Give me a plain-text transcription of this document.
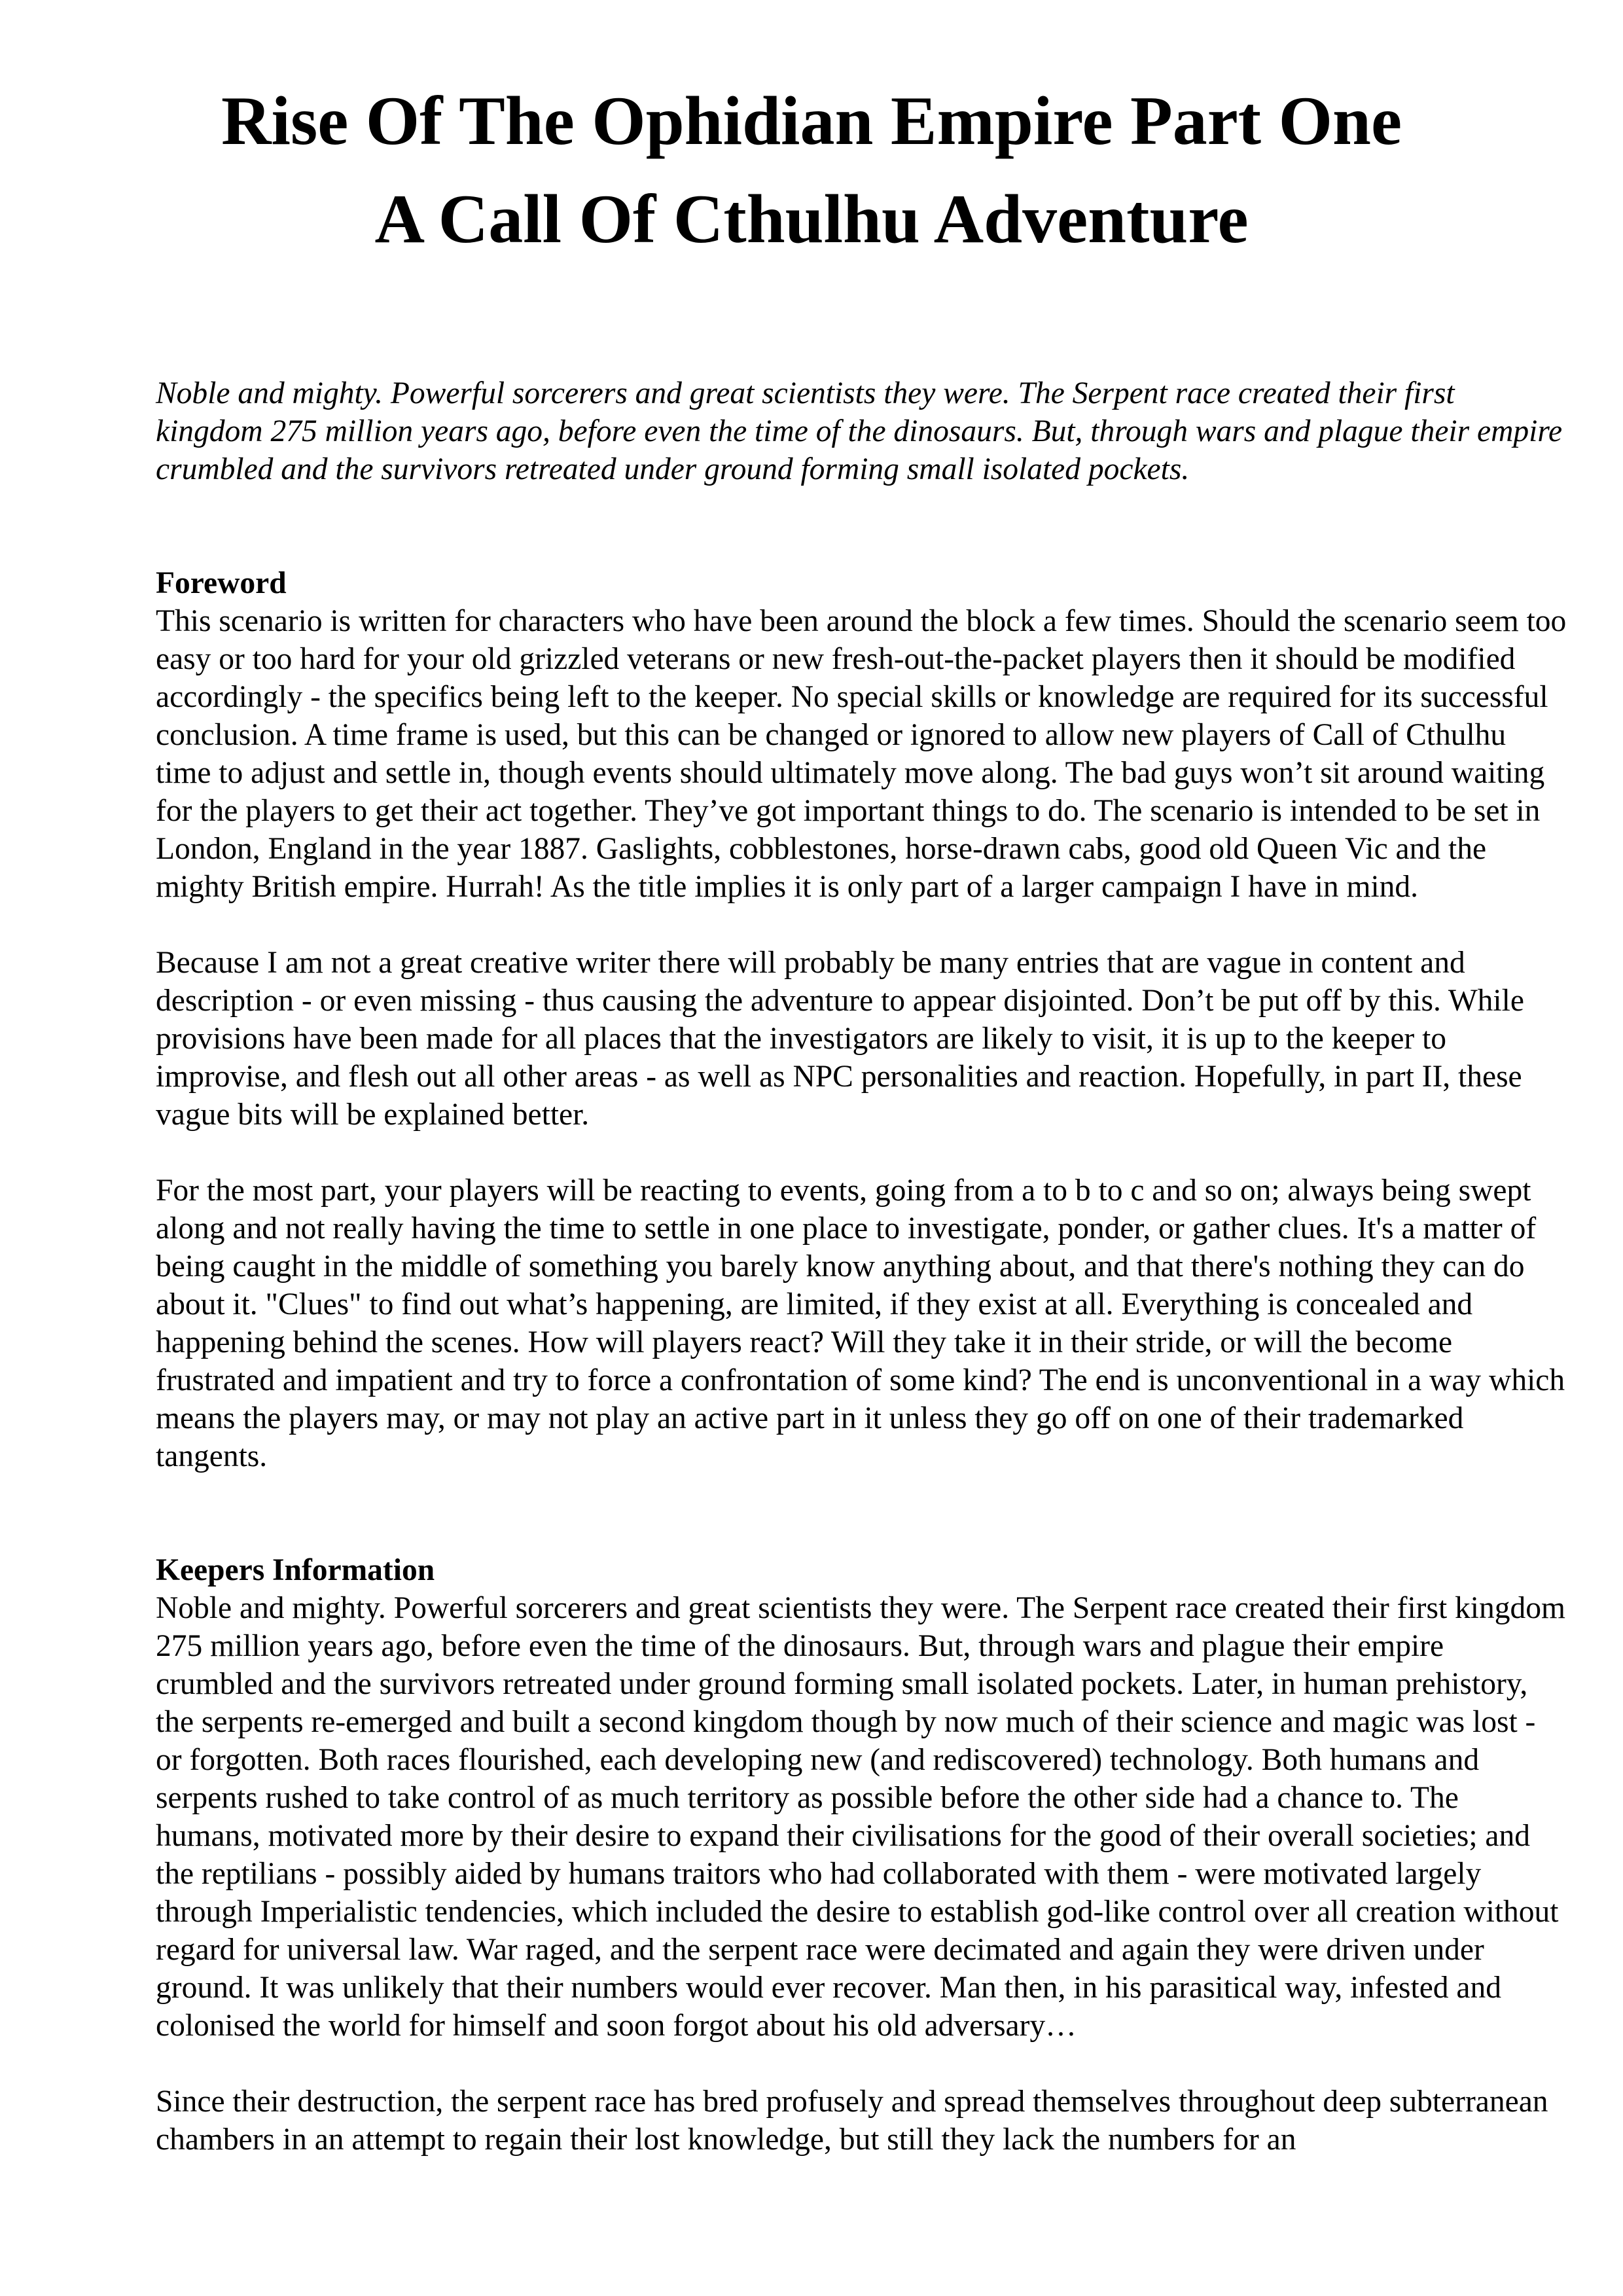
Rise Of The Ophidian Empire Part One
A Call Of Cthulhu Adventure

Noble and mighty. Powerful sorcerers and great scientists they were. The Serpent race created their first kingdom 275 million years ago, before even the time of the dinosaurs. But, through wars and plague their empire crumbled and the survivors retreated under ground forming small isolated pockets.

Foreword

This scenario is written for characters who have been around the block a few times. Should the scenario seem too easy or too hard for your old grizzled veterans or new fresh-out-the-packet players then it should be modified accordingly - the specifics being left to the keeper. No special skills or knowledge are required for its successful conclusion. A time frame is used, but this can be changed or ignored to allow new players of Call of Cthulhu time to adjust and settle in, though events should ultimately move along. The bad guys won’t sit around waiting for the players to get their act together. They’ve got important things to do. The scenario is intended to be set in London, England in the year 1887. Gaslights, cobblestones, horse-drawn cabs, good old Queen Vic and the mighty British empire. Hurrah! As the title implies it is only part of a larger campaign I have in mind.

Because I am not a great creative writer there will probably be many entries that are vague in content and description - or even missing - thus causing the adventure to appear disjointed. Don’t be put off by this. While provisions have been made for all places that the investigators are likely to visit, it is up to the keeper to improvise, and flesh out all other areas - as well as NPC personalities and reaction. Hopefully, in part II, these vague bits will be explained better.

For the most part, your players will be reacting to events, going from a to b to c and so on; always being swept along and not really having the time to settle in one place to investigate, ponder, or gather clues. It's a matter of being caught in the middle of something you barely know anything about, and that there's nothing they can do about it. "Clues" to find out what’s happening, are limited, if they exist at all. Everything is concealed and happening behind the scenes. How will players react? Will they take it in their stride, or will the become frustrated and impatient and try to force a confrontation of some kind? The end is unconventional in a way which means the players may, or may not play an active part in it unless they go off on one of their trademarked tangents.

Keepers Information

Noble and mighty. Powerful sorcerers and great scientists they were. The Serpent race created their first kingdom 275 million years ago, before even the time of the dinosaurs. But, through wars and plague their empire crumbled and the survivors retreated under ground forming small isolated pockets. Later, in human prehistory, the serpents re-emerged and built a second kingdom though by now much of their science and magic was lost - or forgotten. Both races flourished, each developing new (and rediscovered) technology. Both humans and serpents rushed to take control of as much territory as possible before the other side had a chance to. The humans, motivated more by their desire to expand their civilisations for the good of their overall societies; and the reptilians - possibly aided by humans traitors who had collaborated with them - were motivated largely through Imperialistic tendencies, which included the desire to establish god-like control over all creation without regard for universal law. War raged, and the serpent race were decimated and again they were driven under ground. It was unlikely that their numbers would ever recover. Man then, in his parasitical way, infested and colonised the world for himself and soon forgot about his old adversary…

Since their destruction, the serpent race has bred profusely and spread themselves throughout deep subterranean chambers in an attempt to regain their lost knowledge, but still they lack the numbers for an
